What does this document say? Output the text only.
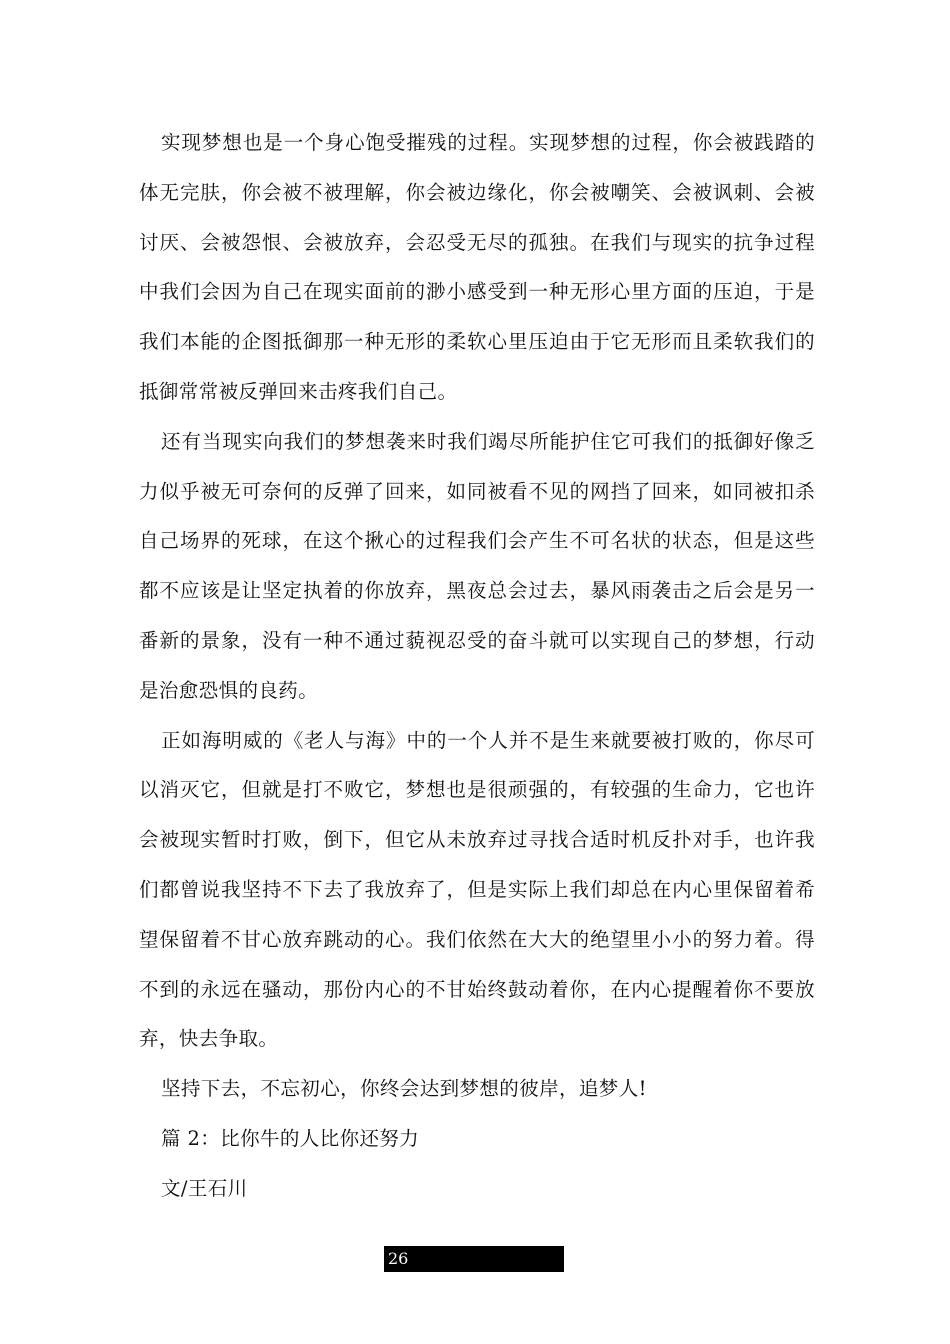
实现梦想也是一个身心饱受摧残的过程。实现梦想的过程，你会被践踏的体无完肤，你会被不被理解，你会被边缘化，你会被嘲笑、会被讽刺、会被讨厌、会被怨恨、会被放弃，会忍受无尽的孤独。在我们与现实的抗争过程中我们会因为自己在现实面前的渺小感受到一种无形心里方面的压迫，于是我们本能的企图抵御那一种无形的柔软心里压迫由于它无形而且柔软我们的抵御常常被反弹回来击疼我们自己。

还有当现实向我们的梦想袭来时我们竭尽所能护住它可我们的抵御好像乏力似乎被无可奈何的反弹了回来，如同被看不见的网挡了回来，如同被扣杀自己场界的死球，在这个揪心的过程我们会产生不可名状的状态，但是这些都不应该是让坚定执着的你放弃，黑夜总会过去，暴风雨袭击之后会是另一番新的景象，没有一种不通过藐视忍受的奋斗就可以实现自己的梦想，行动是治愈恐惧的良药。

正如海明威的《老人与海》中的一个人并不是生来就要被打败的，你尽可以消灭它，但就是打不败它，梦想也是很顽强的，有较强的生命力，它也许会被现实暂时打败，倒下，但它从未放弃过寻找合适时机反扑对手，也许我们都曾说我坚持不下去了我放弃了，但是实际上我们却总在内心里保留着希望保留着不甘心放弃跳动的心。我们依然在大大的绝望里小小的努力着。得不到的永远在骚动，那份内心的不甘始终鼓动着你，在内心提醒着你不要放弃，快去争取。

坚持下去，不忘初心，你终会达到梦想的彼岸，追梦人!

篇 2：比你牛的人比你还努力

文/王石川

26
